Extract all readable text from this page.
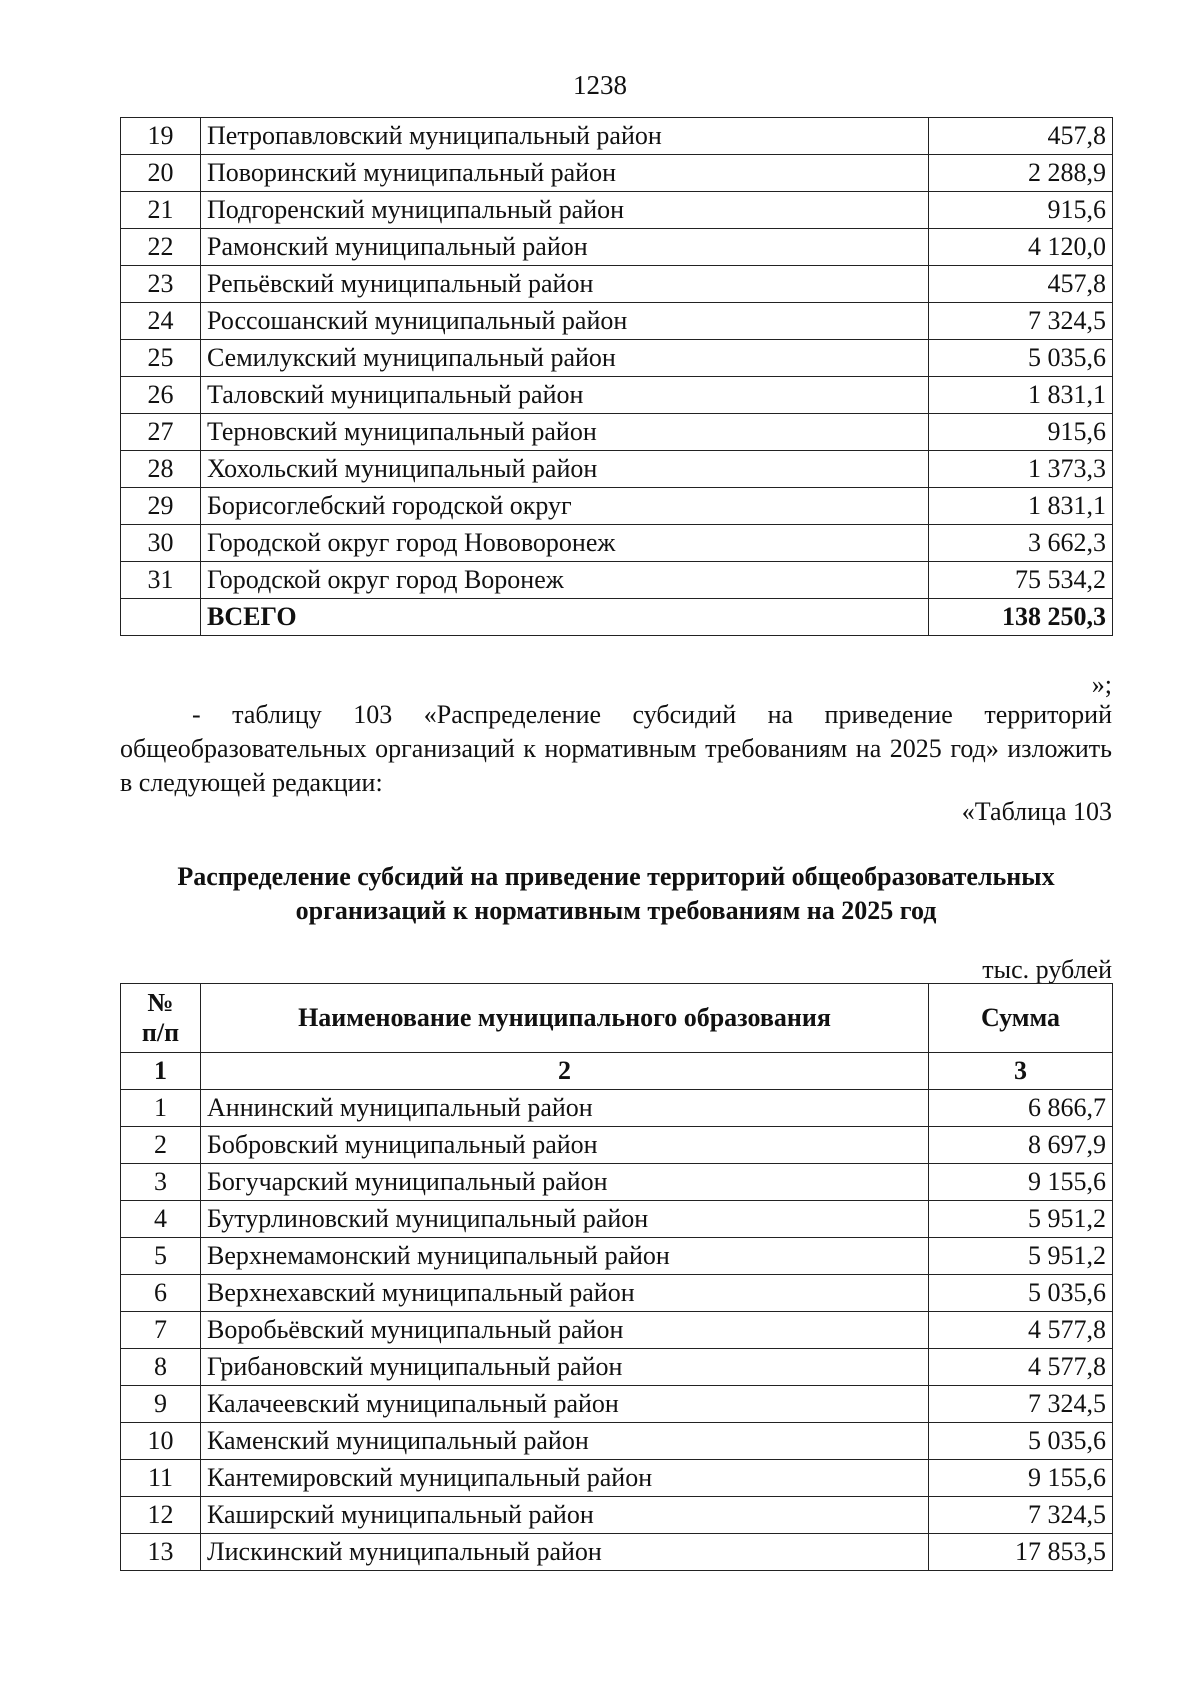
1238
19	Петропавловский муниципальный район	457,8
20	Поворинский муниципальный район	2 288,9
21	Подгоренский муниципальный район	915,6
22	Рамонский муниципальный район	4 120,0
23	Репьёвский муниципальный район	457,8
24	Россошанский муниципальный район	7 324,5
25	Семилукский муниципальный район	5 035,6
26	Таловский муниципальный район	1 831,1
27	Терновский муниципальный район	915,6
28	Хохольский муниципальный район	1 373,3
29	Борисоглебский городской округ	1 831,1
30	Городской округ город Нововоронеж	3 662,3
31	Городской округ город Воронеж	75 534,2
	ВСЕГО	138 250,3
»;
- таблицу 103 «Распределение субсидий на приведение территорий общеобразовательных организаций к нормативным требованиям на 2025 год» изложить в следующей редакции:
«Таблица 103
Распределение субсидий на приведение территорий общеобразовательных
организаций к нормативным требованиям на 2025 год
тыс. рублей
№
п/п	Наименование муниципального образования	Сумма
1	2	3
1	Аннинский муниципальный район	6 866,7
2	Бобровский муниципальный район	8 697,9
3	Богучарский муниципальный район	9 155,6
4	Бутурлиновский муниципальный район	5 951,2
5	Верхнемамонский муниципальный район	5 951,2
6	Верхнехавский муниципальный район	5 035,6
7	Воробьёвский муниципальный район	4 577,8
8	Грибановский муниципальный район	4 577,8
9	Калачеевский муниципальный район	7 324,5
10	Каменский муниципальный район	5 035,6
11	Кантемировский муниципальный район	9 155,6
12	Каширский муниципальный район	7 324,5
13	Лискинский муниципальный район	17 853,5
